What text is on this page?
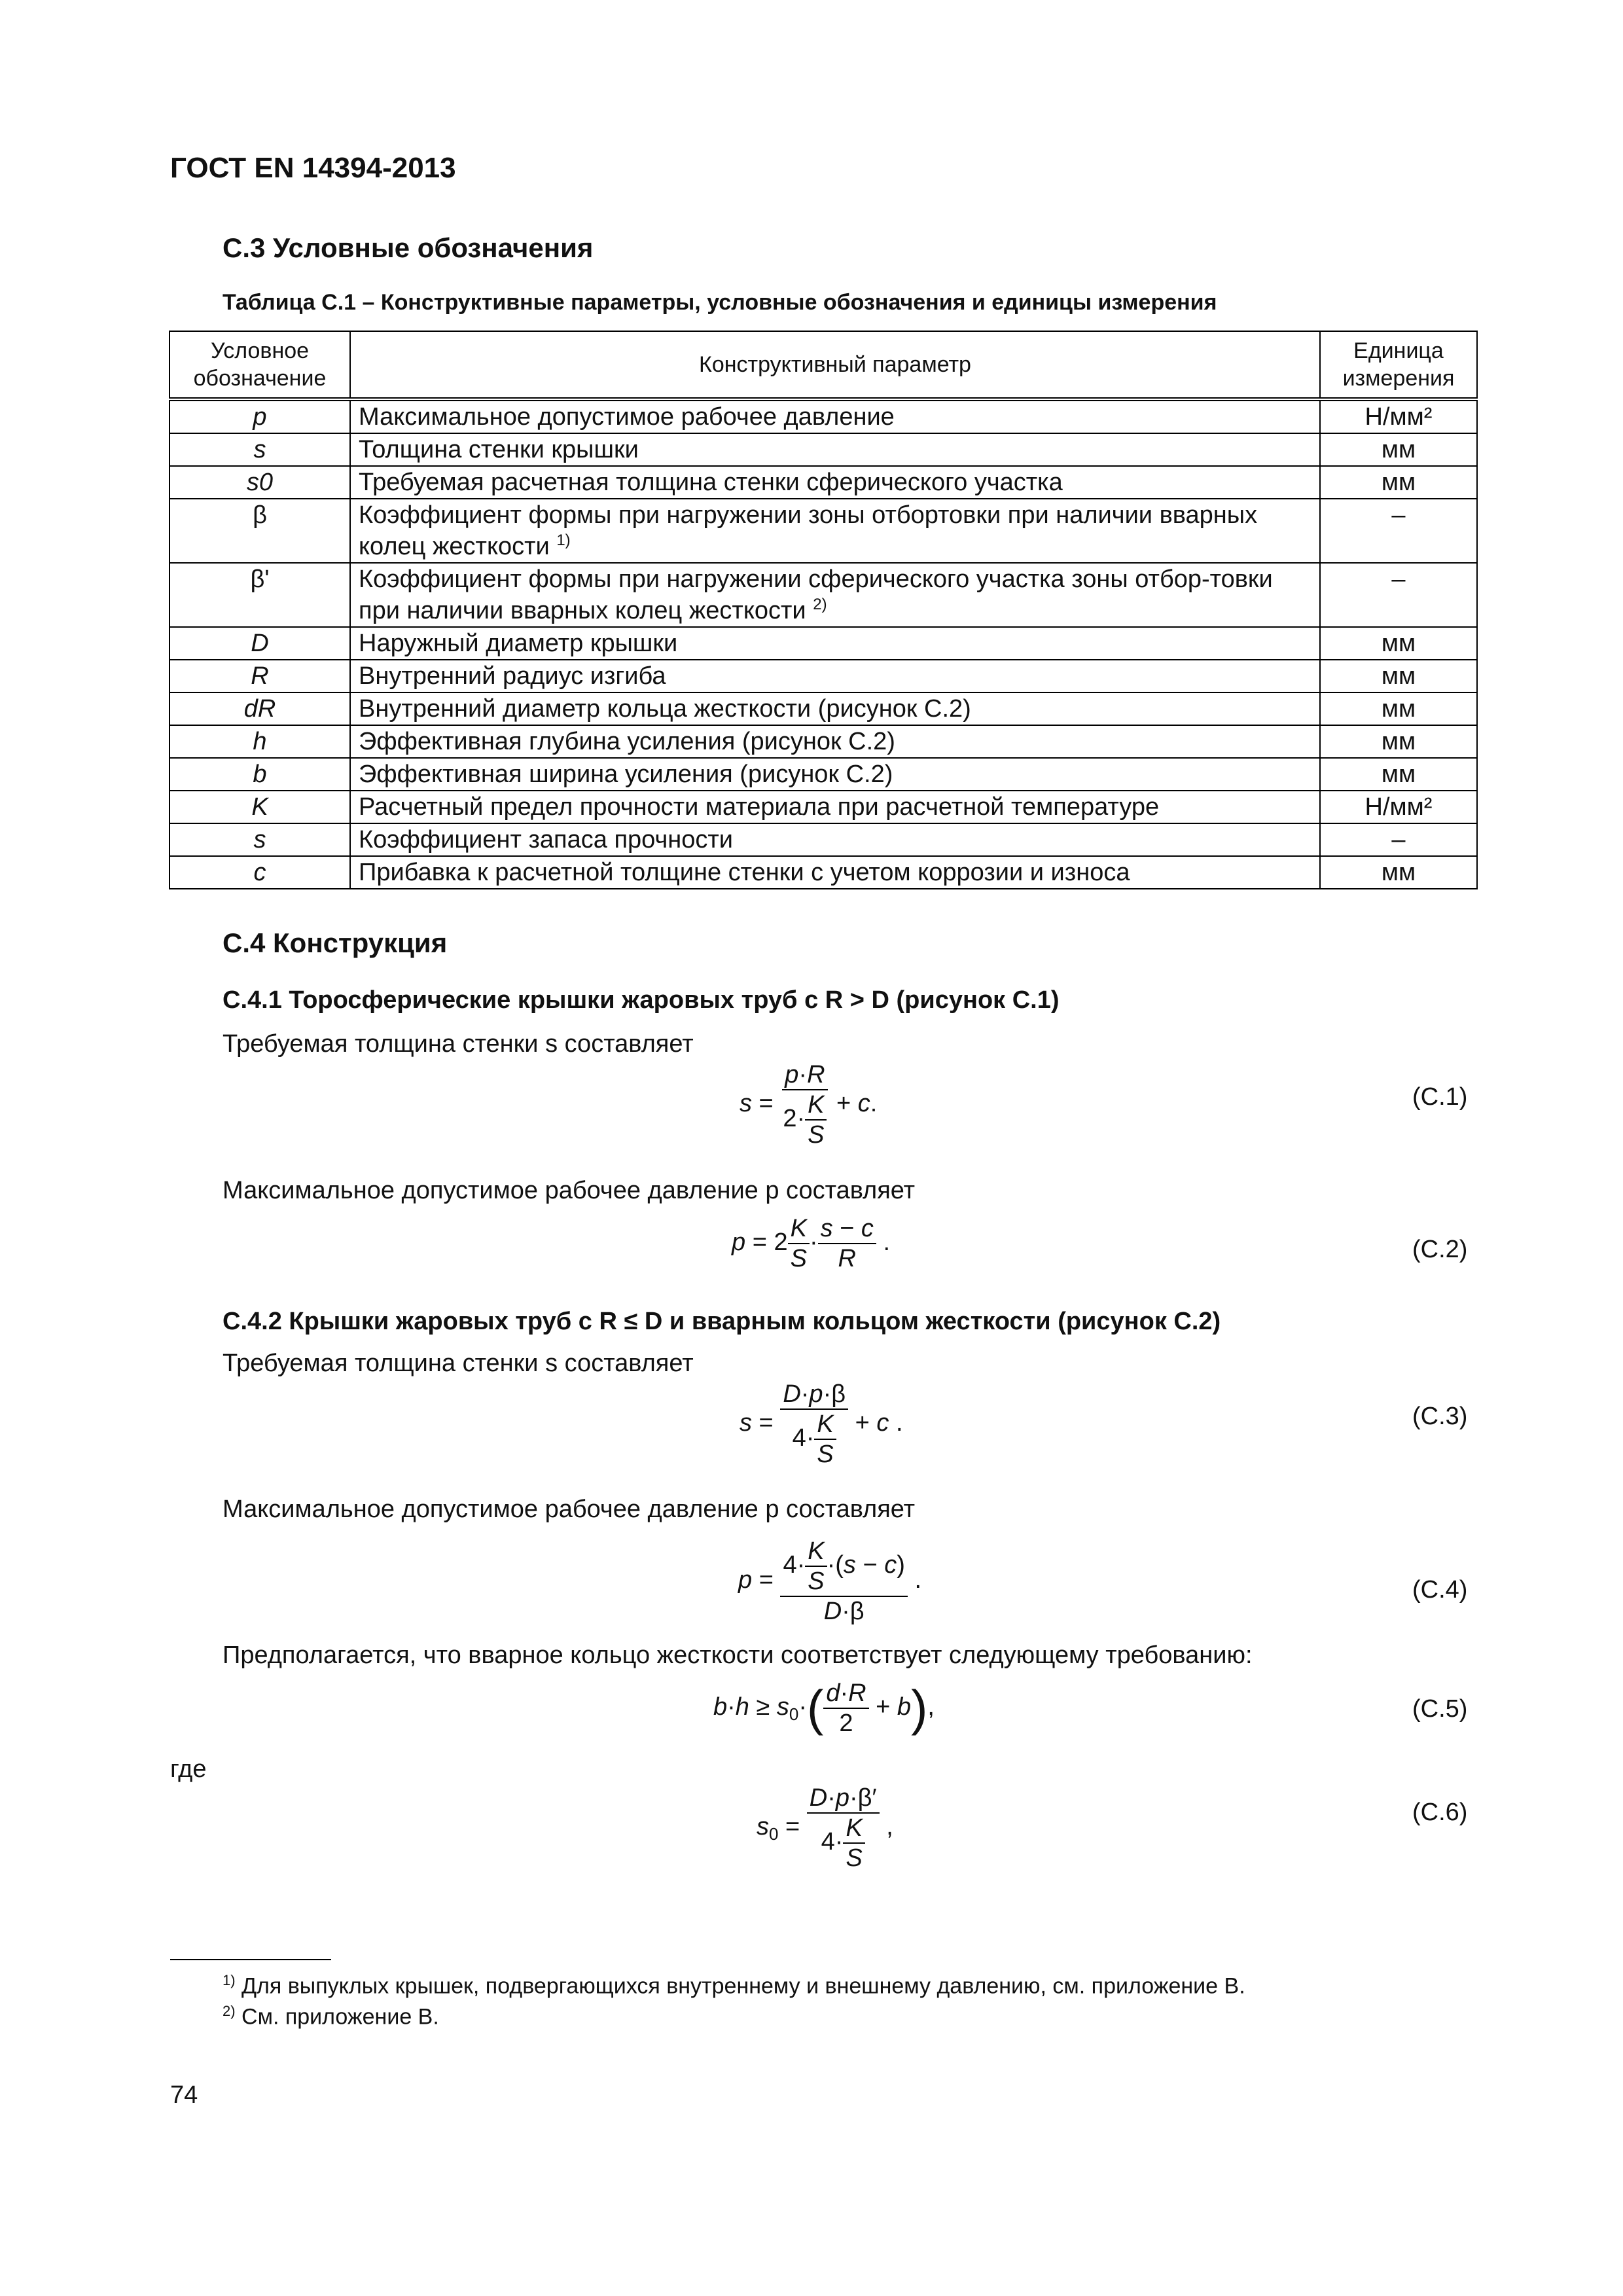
ГОСТ EN 14394-2013
С.3 Условные обозначения
Таблица С.1 – Конструктивные параметры, условные обозначения и единицы измерения
Условное обозначение	Конструктивный параметр	Единица измерения
p	Максимальное допустимое рабочее давление	Н/мм²
s	Толщина стенки крышки	мм
s0	Требуемая расчетная толщина стенки сферического участка	мм
β	Коэффициент формы при нагружении зоны отбортовки при наличии вварных колец жесткости $^{1)}$	–
β'	Коэффициент формы при нагружении сферического участка зоны отбор-товки при наличии вварных колец жесткости $^{2)}$	–
D	Наружный диаметр крышки	мм
R	Внутренний радиус изгиба	мм
dR	Внутренний диаметр кольца жесткости (рисунок С.2)	мм
h	Эффективная глубина усиления (рисунок С.2)	мм
b	Эффективная ширина усиления (рисунок С.2)	мм
K	Расчетный предел прочности материала при расчетной температуре	Н/мм²
s	Коэффициент запаса прочности	–
c	Прибавка к расчетной толщине стенки с учетом коррозии и износа	мм
С.4 Конструкция
С.4.1 Торосферические крышки жаровых труб с R > D (рисунок С.1)
Требуемая толщина стенки s составляет
$s = \frac{p\cdot R}{2\cdot \frac{K}{S}} + c$.	(С.1)
Максимальное допустимое рабочее давление p составляет
$p = 2 \frac{K}{S} \cdot \frac{s - c}{R}$ .	(С.2)
С.4.2 Крышки жаровых труб с R ≤ D и вварным кольцом жесткости (рисунок С.2)
Требуемая толщина стенки s составляет
$s = \frac{D\cdot p\cdot\beta}{4\cdot \frac{K}{S}} + c$ .	(С.3)
Максимальное допустимое рабочее давление p составляет
$p = \frac{4\cdot \frac{K}{S} \cdot(s - c)}{D\cdot\beta}$ .	(С.4)
Предполагается, что вварное кольцо жесткости соответствует следующему требованию:
$b\cdot h \ge s_0\cdot( \frac{d\cdot R}{2} + b)$,	(С.5)
где
$s_0 = \frac{D\cdot p\cdot\beta'}{4\cdot \frac{K}{S}}$ ,
(С.6)
$^{1)}$ Для выпуклых крышек, подвергающихся внутреннему и внешнему давлению, см. приложение В.
$^{2)}$ См. приложение В.
74
